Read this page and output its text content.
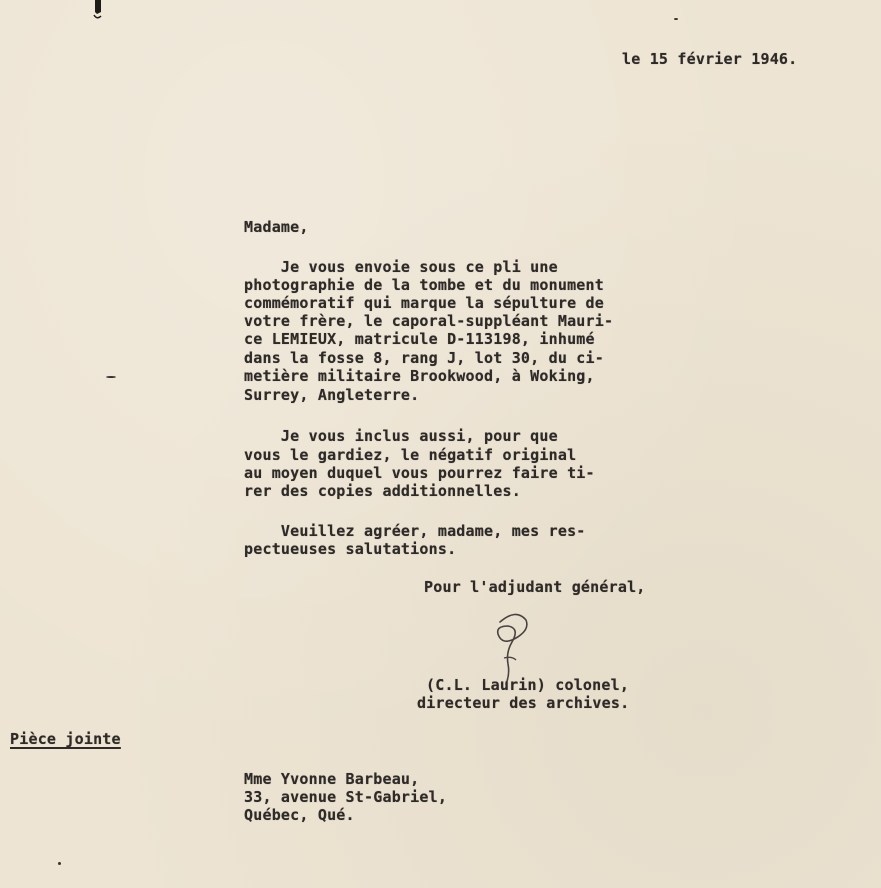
le 15 février 1946.
Madame,
Je vous envoie sous ce pli une
photographie de la tombe et du monument
commémoratif qui marque la sépulture de
votre frère, le caporal-suppléant Mauri-
ce LEMIEUX, matricule D-113198, inhumé
dans la fosse 8, rang J, lot 30, du ci-
metière militaire Brookwood, à Woking,
Surrey, Angleterre.
Je vous inclus aussi, pour que
vous le gardiez, le négatif original
au moyen duquel vous pourrez faire ti-
rer des copies additionnelles.
Veuillez agréer, madame, mes res-
pectueuses salutations.
Pour l'adjudant général,
(C.L. Laurin) colonel,
directeur des archives.
Pièce jointe
Mme Yvonne Barbeau,
33, avenue St-Gabriel,
Québec, Qué.
